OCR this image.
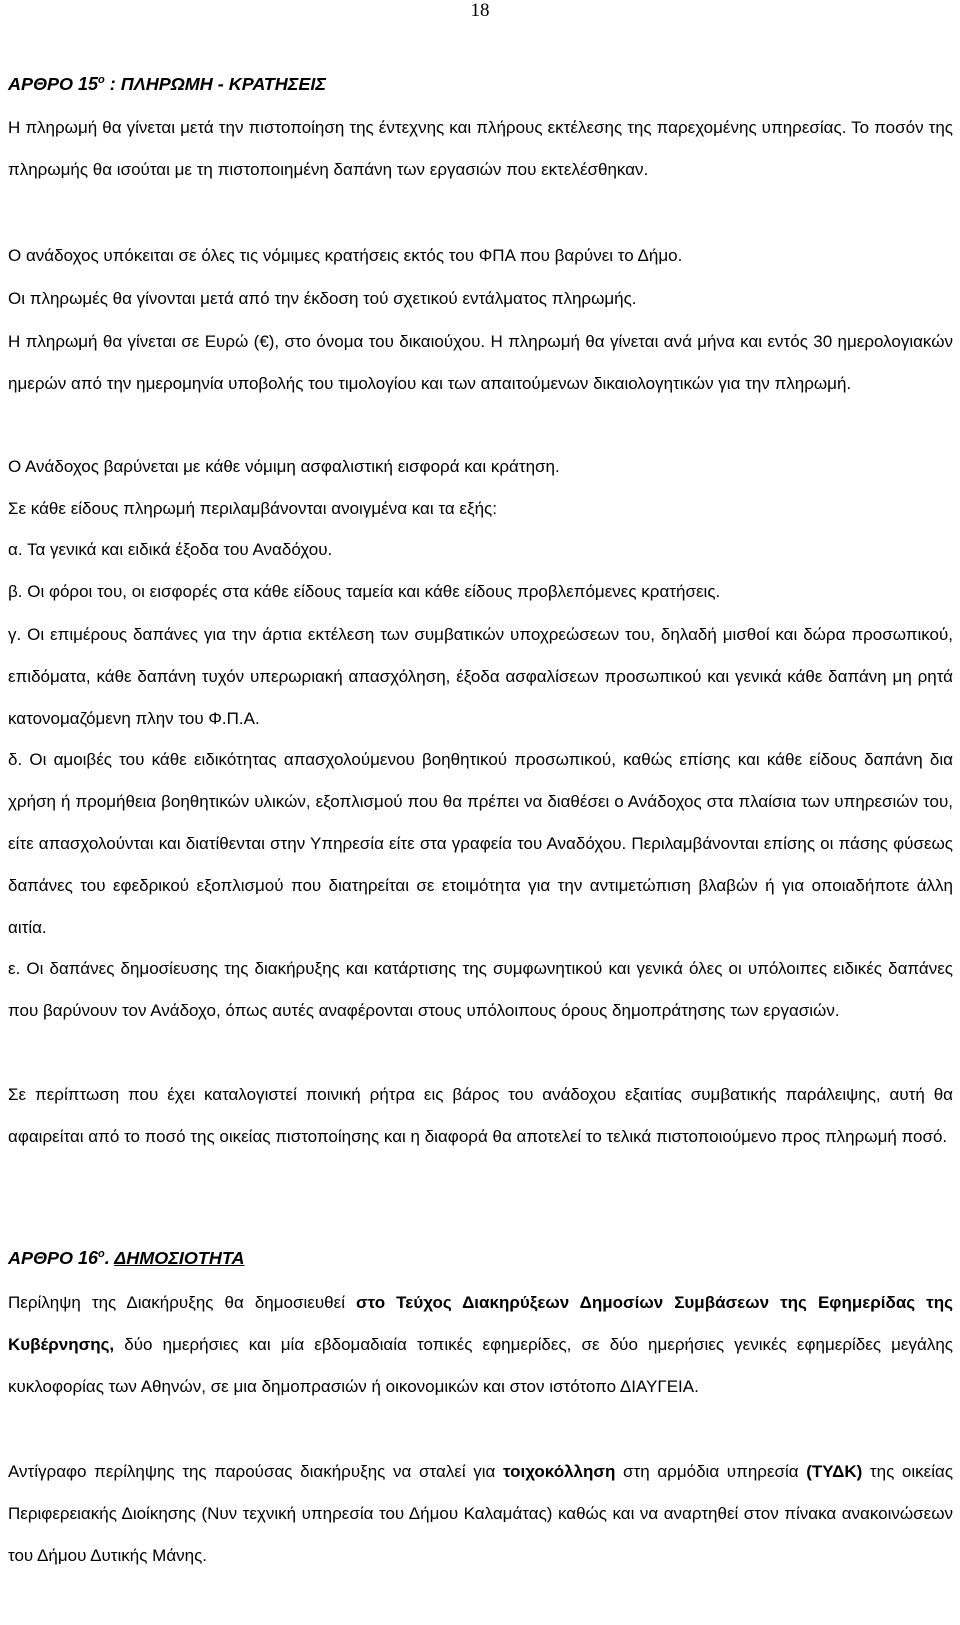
18
ΑΡΘΡΟ $15^o$ : ΠΛΗΡΩΜΗ - ΚΡΑΤΗΣΕΙΣ
Η πληρωμή θα γίνεται μετά την πιστοποίηση της έντεχνης και πλήρους εκτέλεσης της παρεχομένης υπηρεσίας. Το ποσόν της πληρωμής θα ισούται με τη πιστοποιημένη δαπάνη των εργασιών που εκτελέσθηκαν.
Ο ανάδοχος υπόκειται σε όλες τις νόμιμες κρατήσεις εκτός του ΦΠΑ που βαρύνει το Δήμο.
Οι πληρωμές θα γίνονται μετά από την έκδοση τού σχετικού εντάλματος πληρωμής.
Η πληρωμή θα γίνεται σε Ευρώ (€), στο όνομα του δικαιούχου. Η πληρωμή θα γίνεται ανά μήνα και εντός 30 ημερολογιακών ημερών από την ημερομηνία υποβολής του τιμολογίου και των απαιτούμενων δικαιολογητικών για την πληρωμή.
Ο Ανάδοχος βαρύνεται με κάθε νόμιμη ασφαλιστική εισφορά και κράτηση.
Σε κάθε είδους πληρωμή περιλαμβάνονται ανοιγμένα και τα εξής:
α. Τα γενικά και ειδικά έξοδα του Αναδόχου.
β. Οι φόροι του, οι εισφορές στα κάθε είδους ταμεία και κάθε είδους προβλεπόμενες κρατήσεις.
γ. Οι επιμέρους δαπάνες για την άρτια εκτέλεση των συμβατικών υποχρεώσεων του, δηλαδή μισθοί και δώρα προσωπικού, επιδόματα, κάθε δαπάνη τυχόν υπερωριακή απασχόληση, έξοδα ασφαλίσεων προσωπικού και γενικά κάθε δαπάνη μη ρητά κατονομαζόμενη πλην του Φ.Π.Α.
δ. Οι αμοιβές του κάθε ειδικότητας απασχολούμενου βοηθητικού προσωπικού, καθώς επίσης και κάθε είδους δαπάνη δια χρήση ή προμήθεια βοηθητικών υλικών, εξοπλισμού που θα πρέπει να διαθέσει ο Ανάδοχος στα πλαίσια των υπηρεσιών του, είτε απασχολούνται και διατίθενται στην Υπηρεσία είτε στα γραφεία του Αναδόχου. Περιλαμβάνονται επίσης οι πάσης φύσεως δαπάνες του εφεδρικού εξοπλισμού που διατηρείται σε ετοιμότητα για την αντιμετώπιση βλαβών ή για οποιαδήποτε άλλη αιτία.
ε. Οι δαπάνες δημοσίευσης της διακήρυξης και κατάρτισης της συμφωνητικού και γενικά όλες οι υπόλοιπες ειδικές δαπάνες που βαρύνουν τον Ανάδοχο, όπως αυτές αναφέρονται στους υπόλοιπους όρους δημοπράτησης των εργασιών.
Σε περίπτωση που έχει καταλογιστεί ποινική ρήτρα εις βάρος του ανάδοχου εξαιτίας συμβατικής παράλειψης, αυτή θα αφαιρείται από το ποσό της οικείας πιστοποίησης και η διαφορά θα αποτελεί το τελικά πιστοποιούμενο προς πληρωμή ποσό.
ΑΡΘΡΟ $16^o$. ΔΗΜΟΣΙΟΤΗΤΑ
Περίληψη της Διακήρυξης θα δημοσιευθεί στο Τεύχος Διακηρύξεων Δημοσίων Συμβάσεων της Εφημερίδας της Κυβέρνησης, δύο ημερήσιες και μία εβδομαδιαία τοπικές εφημερίδες, σε δύο ημερήσιες γενικές εφημερίδες μεγάλης κυκλοφορίας των Αθηνών, σε μια δημοπρασιών ή οικονομικών και στον ιστότοπο ΔΙΑΥΓΕΙΑ.
Αντίγραφο περίληψης της παρούσας διακήρυξης να σταλεί για τοιχοκόλληση στη αρμόδια υπηρεσία (ΤΥΔΚ) της οικείας Περιφερειακής Διοίκησης (Νυν τεχνική υπηρεσία του Δήμου Καλαμάτας) καθώς και να αναρτηθεί στον πίνακα ανακοινώσεων του Δήμου Δυτικής Μάνης.
